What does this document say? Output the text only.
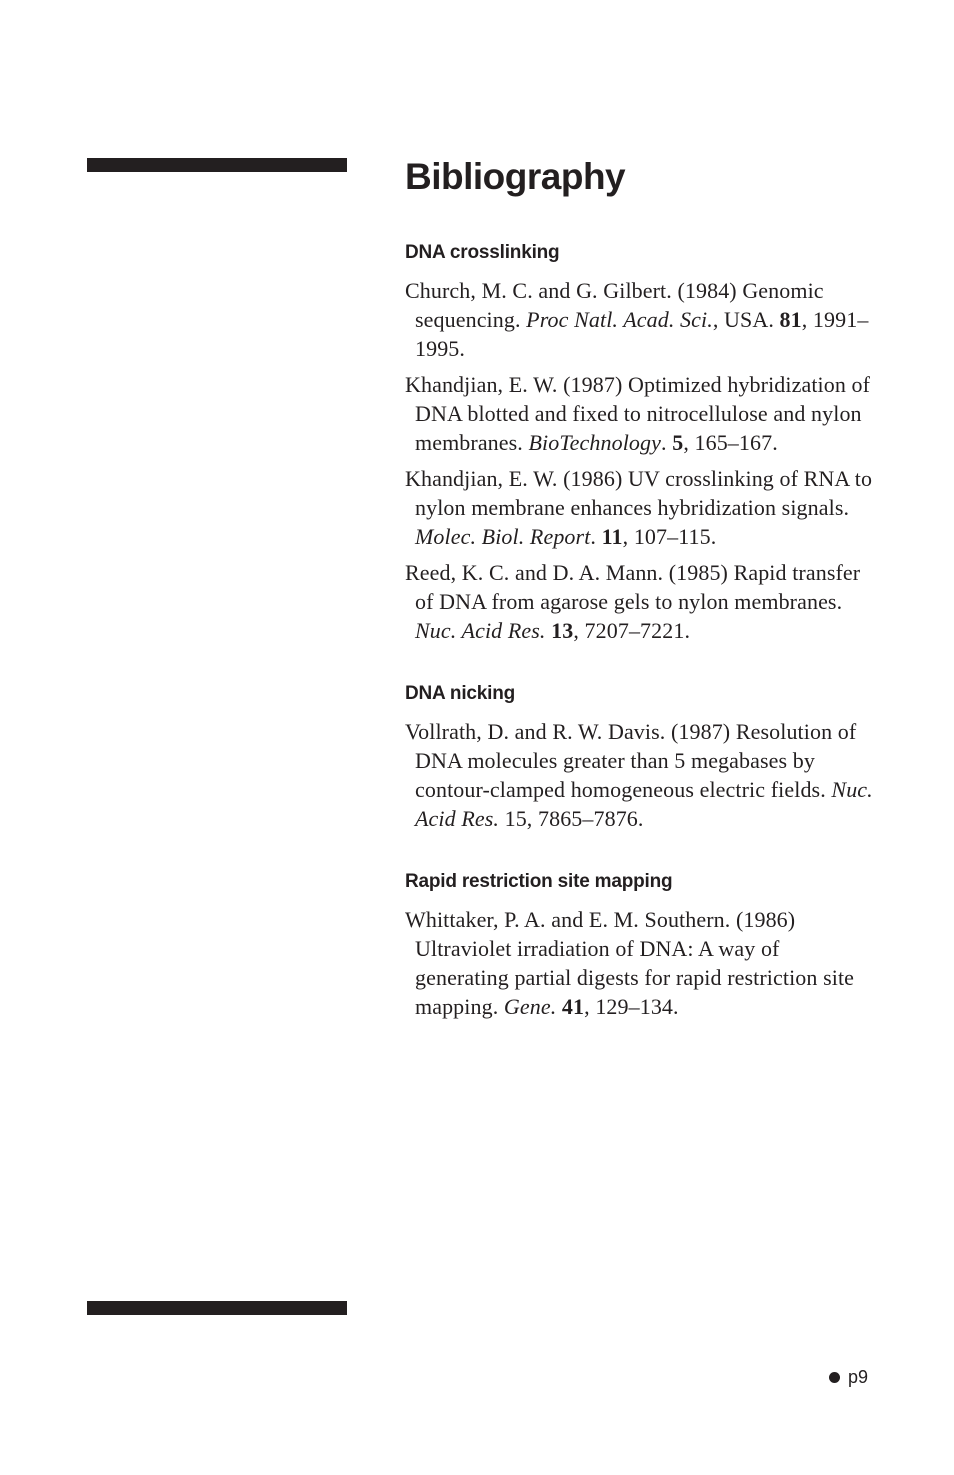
Bibliography
DNA crosslinking

Church, M. C. and G. Gilbert. (1984) Genomic sequencing. Proc Natl. Acad. Sci., USA. 81, 1991–1995.

Khandjian, E. W. (1987) Optimized hybridization of DNA blotted and fixed to nitrocellulose and nylon membranes. BioTechnology. 5, 165–167.

Khandjian, E. W. (1986) UV crosslinking of RNA to nylon membrane enhances hybridization signals. Molec. Biol. Report. 11, 107–115.

Reed, K. C. and D. A. Mann. (1985) Rapid transfer of DNA from agarose gels to nylon membranes. Nuc. Acid Res. 13, 7207–7221.

DNA nicking

Vollrath, D. and R. W. Davis. (1987) Resolution of DNA molecules greater than 5 megabases by contour-clamped homogeneous electric fields. Nuc. Acid Res. 15, 7865–7876.

Rapid restriction site mapping

Whittaker, P. A. and E. M. Southern. (1986) Ultraviolet irradiation of DNA: A way of generating partial digests for rapid restriction site mapping. Gene. 41, 129–134.

p9
